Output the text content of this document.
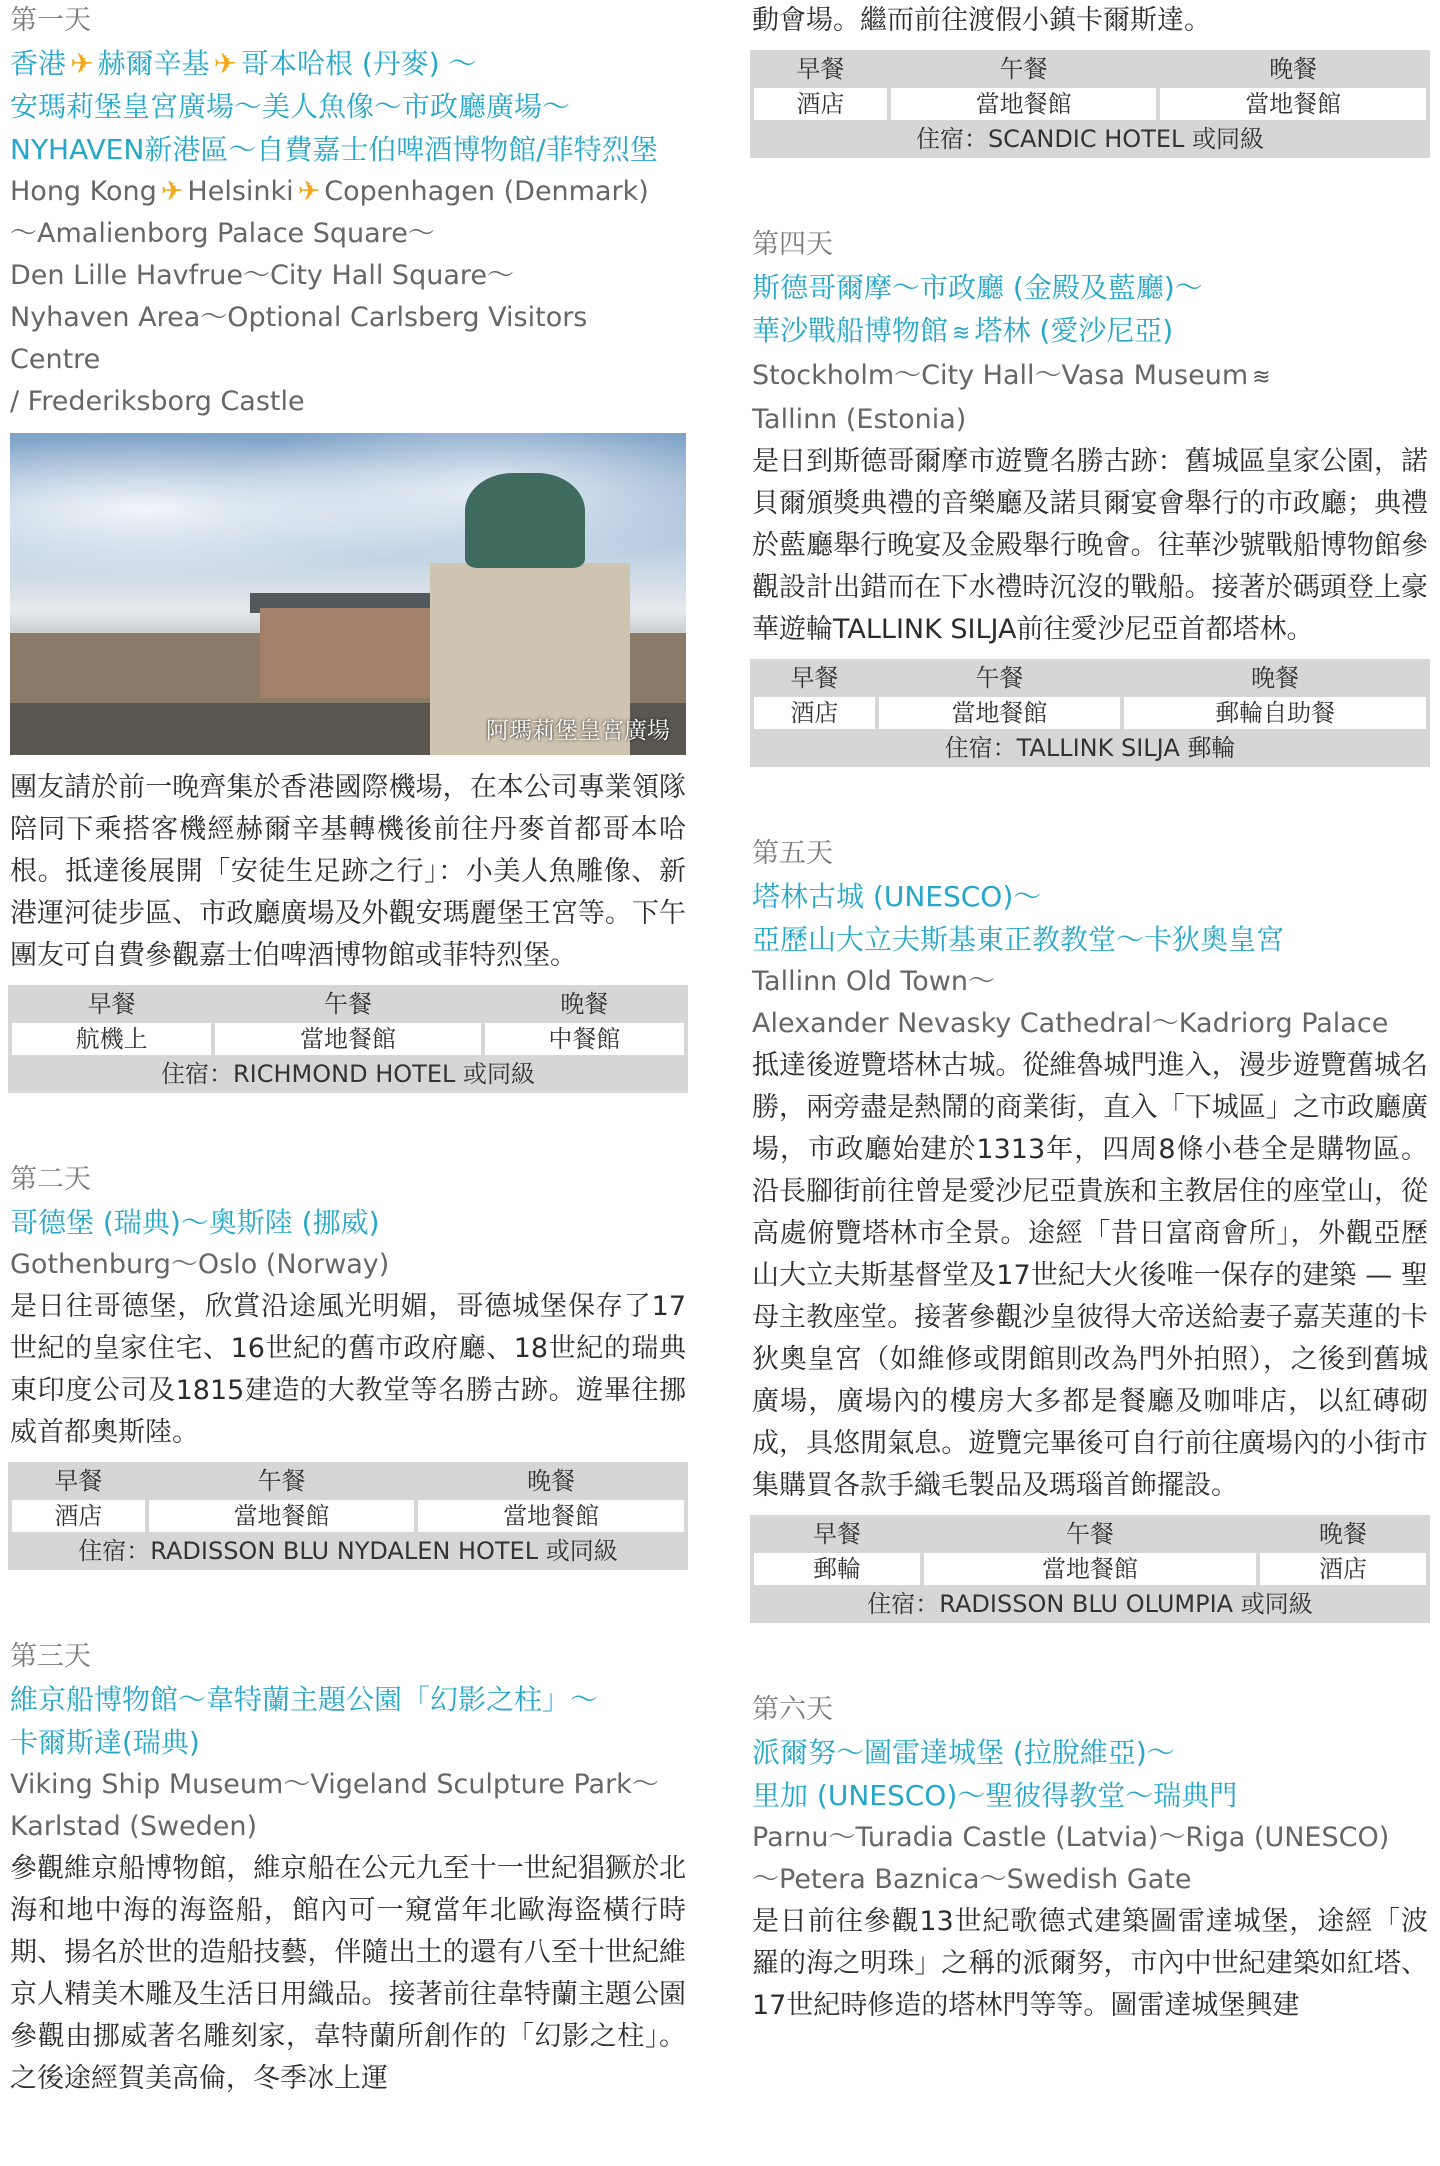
第一天
香港 ✈ 赫爾辛基 ✈ 哥本哈根 (丹麥) ～
安瑪莉堡皇宮廣場～美人魚像～市政廳廣場～
NYHAVEN新港區～自費嘉士伯啤酒博物館/菲特烈堡
Hong Kong ✈ Helsinki ✈ Copenhagen (Denmark)
～Amalienborg Palace Square～
Den Lille Havfrue～City Hall Square～
Nyhaven Area～Optional Carlsberg Visitors Centre
/ Frederiksborg Castle
阿瑪莉堡皇宮廣場

團友請於前一晚齊集於香港國際機場，在本公司專業領隊陪同下乘搭客機經赫爾辛基轉機後前往丹麥首都哥本哈根。抵達後展開「安徒生足跡之行」：小美人魚雕像、新港運河徒步區、市政廳廣場及外觀安瑪麗堡王宮等。下午團友可自費參觀嘉士伯啤酒博物館或菲特烈堡。

早餐	午餐	晚餐
航機上	當地餐館	中餐館
住宿：RICHMOND HOTEL 或同級		
第二天
哥德堡 (瑞典)～奧斯陸 (挪威)
Gothenburg～Oslo (Norway)

是日往哥德堡，欣賞沿途風光明媚，哥德城堡保存了17世紀的皇家住宅、16世紀的舊市政府廳、18世紀的瑞典東印度公司及1815建造的大教堂等名勝古跡。遊畢往挪威首都奧斯陸。

早餐	午餐	晚餐
酒店	當地餐館	當地餐館
住宿：RADISSON BLU NYDALEN HOTEL 或同級		
第三天
維京船博物館～韋特蘭主題公園「幻影之柱」～
卡爾斯達(瑞典)
Viking Ship Museum～Vigeland Sculpture Park～
Karlstad (Sweden)

參觀維京船博物館，維京船在公元九至十一世紀猖獗於北海和地中海的海盜船，館內可一窺當年北歐海盜橫行時期、揚名於世的造船技藝，伴隨出土的還有八至十世紀維京人精美木雕及生活日用織品。接著前往韋特蘭主題公園參觀由挪威著名雕刻家，韋特蘭所創作的「幻影之柱」。之後途經賀美高倫，冬季冰上運

動會場。繼而前往渡假小鎮卡爾斯達。

早餐	午餐	晚餐
酒店	當地餐館	當地餐館
住宿：SCANDIC HOTEL 或同級		
第四天
斯德哥爾摩～市政廳 (金殿及藍廳)～
華沙戰船博物館 ≋ 塔林 (愛沙尼亞)
Stockholm～City Hall～Vasa Museum ≋
Tallinn (Estonia)

是日到斯德哥爾摩市遊覽名勝古跡：舊城區皇家公園，諾貝爾頒獎典禮的音樂廳及諾貝爾宴會舉行的市政廳；典禮於藍廳舉行晚宴及金殿舉行晚會。往華沙號戰船博物館參觀設計出錯而在下水禮時沉沒的戰船。接著於碼頭登上豪華遊輪TALLINK SILJA前往愛沙尼亞首都塔林。

早餐	午餐	晚餐
酒店	當地餐館	郵輪自助餐
住宿：TALLINK SILJA 郵輪		
第五天
塔林古城 (UNESCO)～
亞歷山大立夫斯基東正教教堂～卡狄奧皇宮
Tallinn Old Town～
Alexander Nevasky Cathedral～Kadriorg Palace

抵達後遊覽塔林古城。從維魯城門進入，漫步遊覽舊城名勝，兩旁盡是熱鬧的商業街，直入「下城區」之市政廳廣場，市政廳始建於1313年，四周8條小巷全是購物區。沿長腳街前往曾是愛沙尼亞貴族和主教居住的座堂山，從高處俯覽塔林市全景。途經「昔日富商會所」，外觀亞歷山大立夫斯基督堂及17世紀大火後唯一保存的建築 — 聖母主教座堂。接著參觀沙皇彼得大帝送給妻子嘉芙蓮的卡狄奧皇宮（如維修或閉館則改為門外拍照），之後到舊城廣場，廣場內的樓房大多都是餐廳及咖啡店，以紅磚砌成，具悠閒氣息。遊覽完畢後可自行前往廣場內的小街市集購買各款手織毛製品及瑪瑙首飾擺設。

早餐	午餐	晚餐
郵輪	當地餐館	酒店
住宿：RADISSON BLU OLUMPIA 或同級		
第六天
派爾努～圖雷達城堡 (拉脫維亞)～
里加 (UNESCO)～聖彼得教堂～瑞典門
Parnu～Turadia Castle (Latvia)～Riga (UNESCO)
～Petera Baznica～Swedish Gate

是日前往參觀13世紀歌德式建築圖雷達城堡，途經「波羅的海之明珠」之稱的派爾努，市內中世紀建築如紅塔、17世紀時修造的塔林門等等。圖雷達城堡興建
